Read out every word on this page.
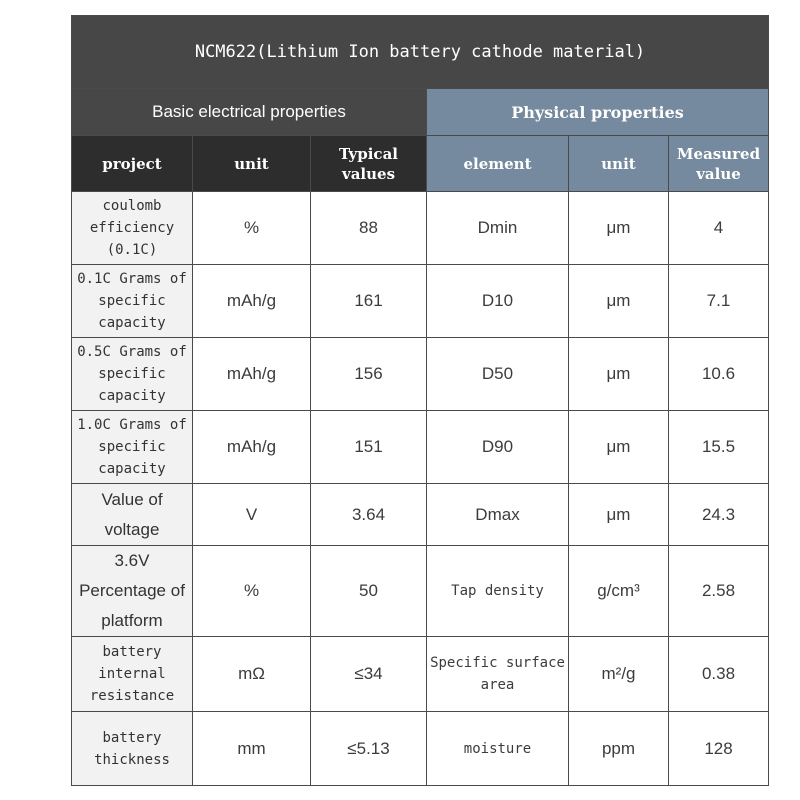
NCM622(Lithium Ion battery cathode material)					
Basic electrical properties			Physical properties		
project	unit	Typical values	element	unit	Measured value
coulomb efficiency (0.1C)	%	88	Dmin	μm	4
0.1C Grams of specific capacity	mAh/g	161	D10	μm	7.1
0.5C Grams of specific capacity	mAh/g	156	D50	μm	10.6
1.0C Grams of specific capacity	mAh/g	151	D90	μm	15.5
Value of voltage	V	3.64	Dmax	μm	24.3
3.6V Percentage of platform	%	50	Tap density	g/cm³	2.58
battery internal resistance	mΩ	≤34	Specific surface area	m²/g	0.38
battery thickness	mm	≤5.13	moisture	ppm	128
